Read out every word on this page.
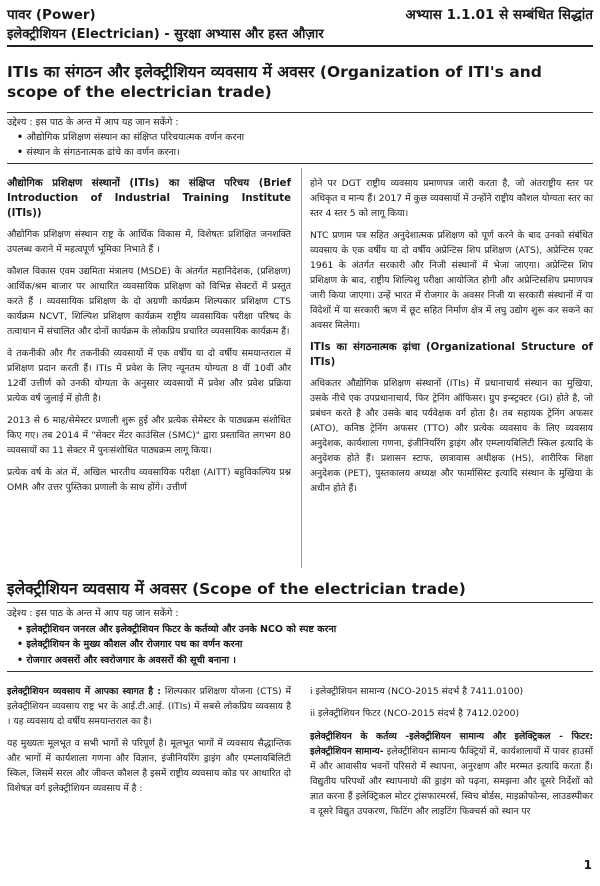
पावर (Power)	अभ्यास 1.1.01 से सम्बंधित सिद्धांत
इलेक्ट्रीशियन (Electrician) - सुरक्षा अभ्यास और हस्त औज़ार
ITIs का संगठन और इलेक्ट्रीशियन व्यवसाय में अवसर (Organization of ITI's and scope of the electrician trade)
उद्देश्य : इस पाठ के अन्त में आप यह जान सकेंगे :
• औद्योगिक प्रशिक्षण संस्थान का संक्षिप्त परिचयात्मक वर्णन करना
• संस्थान के संगठनात्मक ढांचे का वर्णन करना।
औद्योगिक प्रशिक्षण संस्थानों (ITIs) का संक्षिप्त परिचय (Brief Introduction of Industrial Training Institute (ITIs))

औद्योगिक प्रशिक्षण संस्थान राष्ट्र के आर्थिक विकास में, विशेषतः प्रशिक्षित जनशक्ति उपलब्ध कराने में महत्वपूर्ण भूमिका निभाते हैं ।

कौशल विकास एवम उद्यमिता मंत्रालय (MSDE) के अंतर्गत महानिदेशक, (प्रशिक्षण) आर्थिक/श्रम बाजार पर आधारित व्यवसायिक प्रशिक्षण को विभिन्न सेक्टरों में प्रस्तुत करते हैं । व्यवसायिक प्रशिक्षण के दो अग्रणी कार्यक्रम शिल्पकार प्रशिक्षण CTS कार्यक्रम NCVT, शिल्पिश प्रशिक्षण कार्यक्रम राष्ट्रीय व्यवसायिक परीक्षा परिषद के तत्वाधान में संचालित और दोनों कार्यक्रम के लोकप्रिय प्रचारित व्यवसायिक कार्यक्रम हैं।

वे तकनीकी और गैर तकनीकी व्यवसायों में एक वर्षीय या दो वर्षीय समयान्तराल में प्रशिक्षण प्रदान करती हैं। ITIs में प्रवेश के लिए न्यूनतम योग्यता 8 वीं 10वीं और 12वीं उत्तीर्ण को उनकी योग्यता के अनुसार व्यवसायों में प्रवेश और प्रवेश प्रक्रिया प्रत्येक वर्ष जुलाई में होती है।

2013 से 6 माह/सेमेस्टर प्रणाली शुरू हुई और प्रत्येक सेमेस्टर के पाठ्यक्रम संशोधित किए गए। तब 2014 में "सेक्टर मेंटर काउंसिल (SMC)" द्वारा प्रस्तावित लगभग 80 व्यवसायों का 11 सेक्टर में पुनःसंशोधित पाठ्यक्रम लागू किया।

प्रत्येक वर्ष के अंत में, अखिल भारतीय व्यवसायिक परीक्षा (AITT) बहुविकल्पिय प्रश्न OMR और उत्तर पुस्तिका प्रणाली के साथ होंगे। उत्तीर्ण

होने पर DGT राष्ट्रीय व्यवसाय प्रमाणपत्र जारी करता है, जो अंतराष्ट्रीय स्तर पर अधिकृत व मान्य हैं। 2017 में कुछ व्यवसायों में उन्होंने राष्ट्रीय कौशल योग्यता स्तर का स्तर 4 स्तर 5 को लागू किया।

NTC प्रणाम पत्र सहित अनुदेशात्मक प्रशिक्षण को पूर्ण करने के बाद उनको संबंधित व्यवसाय के एक वर्षीय या दो वर्षीय अप्रेन्टिस शिप प्रशिक्षण (ATS), अप्रेन्टिस एक्ट 1961 के अंतर्गत सरकारी और निजी संस्थानों में भेजा जाएगा। अप्रेन्टिस शिप प्रशिक्षण के बाद, राष्ट्रीय शिल्पिशु परीक्षा आयोजित होगी और अप्रेन्टिसशिप प्रमाणपत्र जारी किया जाएगा। उन्हें भारत में रोजगार के अवसर निजी या सरकारी संस्थानों में या विदेशों में या सरकारी ऋण में छूट सहित निर्माण क्षेत्र में लघु उद्योग शुरू कर सकने का अवसर मिलेगा।

ITIs का संगठनात्मक ढ़ांचा (Organizational Structure of ITIs)

अधिकतर औद्योगिक प्रशिक्षण संस्थानों (ITIs) में प्रधानाचार्य संस्थान का मुखिया, उसके नीचे एक उपप्रधानाचार्य, फिर ट्रेनिंग ऑफिसर। ग्रुप इन्स्ट्रक्टर (GI) होते है, जो प्रबंधन करते है और उसके बाद पर्यवेक्षक वर्ग होता है। तब सहायक ट्रेनिंग अफसर (ATO), कनिष्ठ ट्रेनिंग अफसर (TTO) और प्रत्येक व्यवसाय के लिए व्यवसाय अनुदेशक, कार्यशाला गणना, इंजीनियरिंग ड्राइंग और एम्प्लायबिलिटी स्किल इत्यादि के अनुदेशक होते हैं। प्रशासन स्टाफ, छात्रावास अधीक्षक (HS), शारीरिक शिक्षा अनुदेशक (PET), पुस्तकालय अध्यक्ष और फार्मासिस्ट इत्यादि संस्थान के मुखिया के अधीन होते हैं।

इलेक्ट्रीशियन व्यवसाय में अवसर (Scope of the electrician trade)
उद्देश्य : इस पाठ के अन्त में आप यह जान सकेंगे :
• इलेक्ट्रीशियन जनरल और इलेक्ट्रीशियन फिटर के कर्तव्यो और उनके NCO को स्पष्ट करना
• इलेक्ट्रीशियन के मुख्य कौशल और रोजगार पथ का वर्णन करना
• रोजगार अवसरों और स्वरोजगार के अवसरों की सूची बनाना ।

इलेक्ट्रीशियन व्यवसाय में आपका स्वागत है : शिल्पकार प्रशिक्षण योजना (CTS) में इलेक्ट्रीशियन व्यवसाय राष्ट्र भर के आई.टी.आई. (ITIs) में सबसे लोकप्रिय व्यवसाय है । यह व्यवसाय दो वर्षीय समयान्तराल का है।

यह मुख्यतः मूलभूत व सभी भागों से परिपूर्ण है। मूलभूत भागों में व्यवसाय सैद्धान्तिक और भागों में कार्यशाला गणना और विज्ञान, इंजीनियरिंग ड्राइंग और एम्प्लायबिलिटी स्किल, जिसमें सरल और जीवन्त कौशल है इसमें राष्ट्रीय व्यवसाय कोड पर आधारित दो विशेषज्ञ वर्ग इलेक्ट्रीशियन व्यवसाय में है :

i इलेक्ट्रीशियन सामान्य (NCO-2015 संदर्भ है 7411.0100)

ii इलेक्ट्रीशियन फिटर (NCO-2015 संदर्भ है 7412.0200)

इलेक्ट्रीशियन के कर्तव्य -इलेक्ट्रीशियन सामान्य और इलेक्ट्रिकल - फिटर: इलेक्ट्रीशियन सामान्य- इलेक्ट्रीशियन सामान्य फैक्ट्रियों में, कार्यशालायों में पावर हाउसों में और आवासीय भवनों परिसरो में स्थापना, अनुरक्षण और मरम्मत इत्यादि करता हैं। विद्युतीय परिपथों और स्थापनायो की ड्राइंग को पढ़ना, समझना और दूसरे निर्देशों को ज्ञात करना हैं इलेक्ट्रिकल मोटर ट्रांसफारमरर्स, स्विच बोर्डस, माइक्रोफोन्स, लाउडस्पीकर व दूसरे विद्युत उपकरण, फिटिंग और लाइटिंग फिक्चर्स को स्थान पर

1
